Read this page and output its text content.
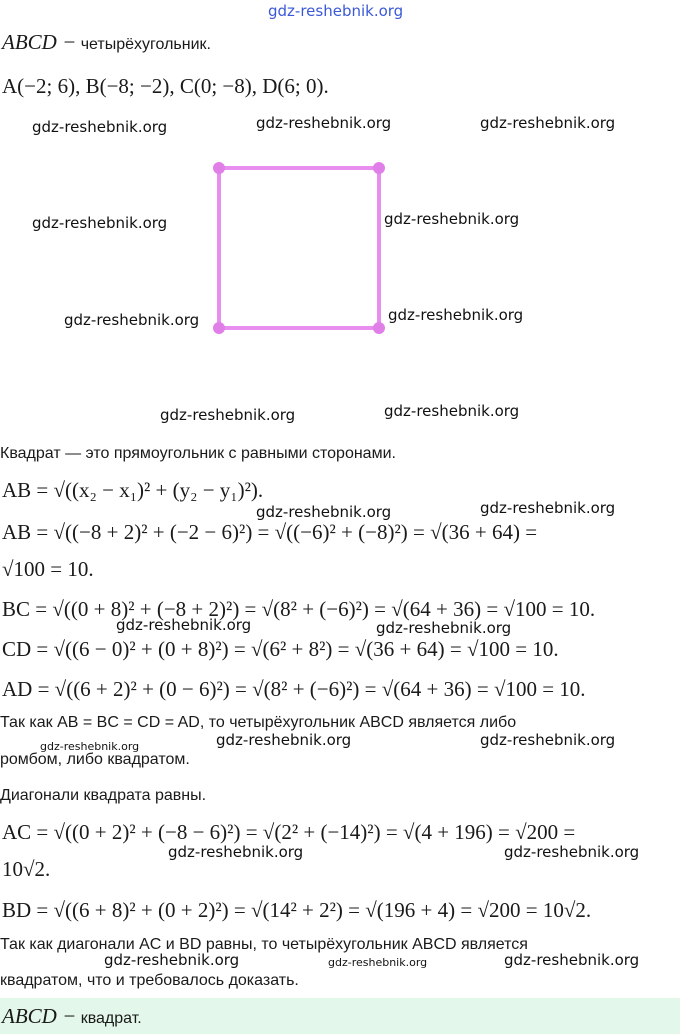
gdz-reshebnik.org
ABCD − четырёхугольник.
A(−2; 6), B(−8; −2), C(0; −8), D(6; 0).
gdz-reshebnik.org	gdz-reshebnik.org	gdz-reshebnik.org
gdz-reshebnik.org	gdz-reshebnik.org
gdz-reshebnik.org	gdz-reshebnik.org
gdz-reshebnik.org	gdz-reshebnik.org
Квадрат — это прямоугольник с равными сторонами.
AB = √((x₂ − x₁)² + (y₂ − y₁)²).
gdz-reshebnik.org	gdz-reshebnik.org
AB = √((−8 + 2)² + (−2 − 6)²) = √((−6)² + (−8)²) = √(36 + 64) =
√100 = 10.
BC = √((0 + 8)² + (−8 + 2)²) = √(8² + (−6)²) = √(64 + 36) = √100 = 10.
gdz-reshebnik.org	gdz-reshebnik.org
CD = √((6 − 0)² + (0 + 8)²) = √(6² + 8²) = √(36 + 64) = √100 = 10.
AD = √((6 + 2)² + (0 − 6)²) = √(8² + (−6)²) = √(64 + 36) = √100 = 10.
Так как AB = BC = CD = AD, то четырёхугольник ABCD является либо
gdz-reshebnik.org	gdz-reshebnik.org	gdz-reshebnik.org
ромбом, либо квадратом.
Диагонали квадрата равны.
AC = √((0 + 2)² + (−8 − 6)²) = √(2² + (−14)²) = √(4 + 196) = √200 =
gdz-reshebnik.org	gdz-reshebnik.org
10√2.
BD = √((6 + 8)² + (0 + 2)²) = √(14² + 2²) = √(196 + 4) = √200 = 10√2.
Так как диагонали AC и BD равны, то четырёхугольник ABCD является
gdz-reshebnik.org	gdz-reshebnik.org	gdz-reshebnik.org
квадратом, что и требовалось доказать.
ABCD − квадрат.
